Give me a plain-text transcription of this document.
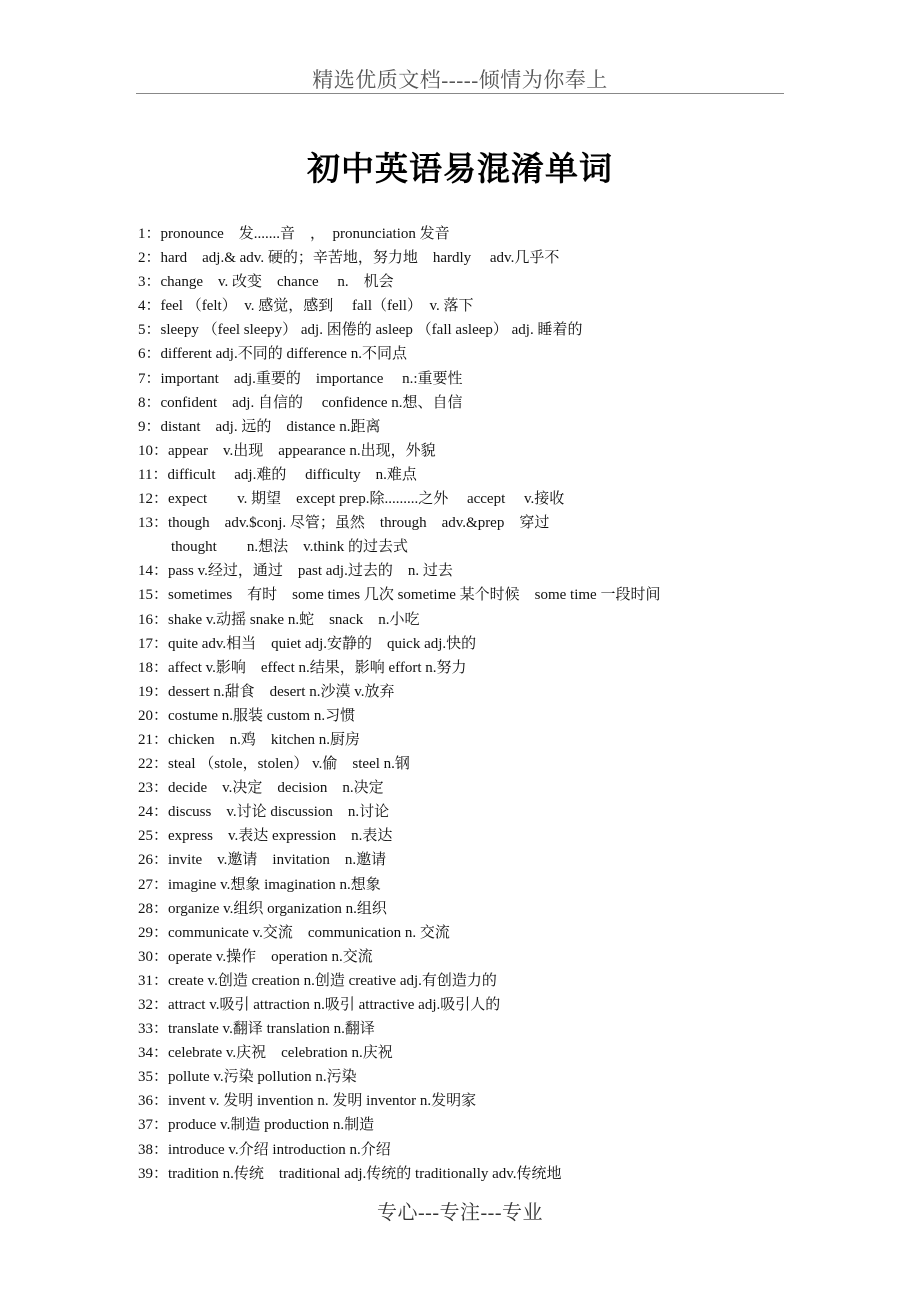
精选优质文档-----倾情为你奉上
初中英语易混淆单词
1：pronounce　发.......音　，　pronunciation 发音
2：hard　adj.& adv. 硬的；辛苦地，努力地　hardly　 adv.几乎不
3：change　v. 改变　chance　 n.　机会
4：feel （felt）　v. 感觉，感到　 fall（fell）　v. 落下
5：sleepy （feel sleepy） adj. 困倦的 asleep （fall asleep） adj. 睡着的
6：different adj.不同的 difference n.不同点
7：important　adj.重要的　importance　 n.:重要性
8：confident　adj. 自信的　 confidence n.想、自信
9：distant　adj. 远的　distance n.距离
10：appear　v.出现　appearance n.出现，外貌
11：difficult　 adj.难的　 difficulty　n.难点
12：expect　　v. 期望　except prep.除.........之外　 accept　 v.接收
13：though　adv.$conj. 尽管；虽然　through　adv.&prep　穿过
thought　　n.想法　v.think 的过去式
14：pass v.经过，通过　past adj.过去的　n. 过去
15：sometimes　有时　some times 几次 sometime 某个时候　some time 一段时间
16：shake v.动摇 snake n.蛇　snack　n.小吃
17：quite adv.相当　quiet adj.安静的　quick adj.快的
18：affect v.影响　effect n.结果，影响 effort n.努力
19：dessert n.甜食　desert n.沙漠 v.放弃
20：costume n.服装 custom n.习惯
21：chicken　n.鸡　kitchen n.厨房
22：steal （stole，stolen） v.偷　steel n.钢
23：decide　v.决定　decision　n.决定
24：discuss　v.讨论 discussion　n.讨论
25：express　v.表达 expression　n.表达
26：invite　v.邀请　invitation　n.邀请
27：imagine v.想象 imagination n.想象
28：organize v.组织 organization n.组织
29：communicate v.交流　communication n. 交流
30：operate v.操作　operation n.交流
31：create v.创造 creation n.创造 creative adj.有创造力的
32：attract v.吸引 attraction n.吸引 attractive adj.吸引人的
33：translate v.翻译 translation n.翻译
34：celebrate v.庆祝　celebration n.庆祝
35：pollute v.污染 pollution n.污染
36：invent v. 发明 invention n. 发明 inventor n.发明家
37：produce v.制造 production n.制造
38：introduce v.介绍 introduction n.介绍
39：tradition n.传统　traditional adj.传统的 traditionally adv.传统地
专心---专注---专业
